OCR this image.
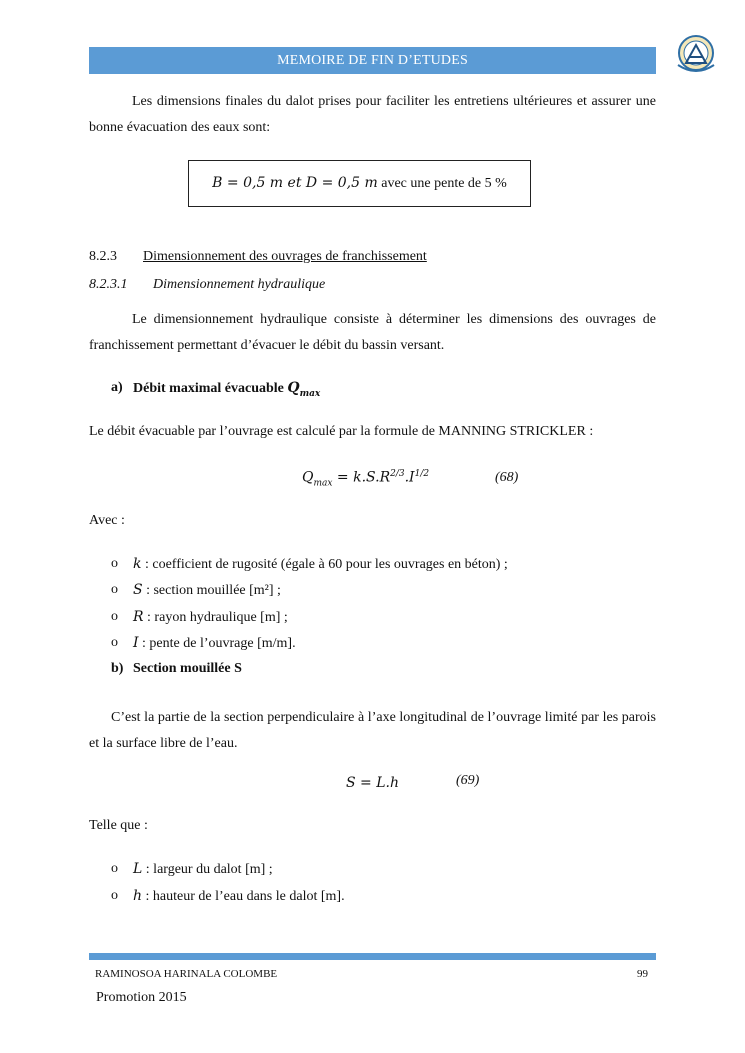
MEMOIRE DE FIN D’ETUDES
Les dimensions finales du dalot prises pour faciliter les entretiens ultérieures et assurer une bonne évacuation des eaux sont:
B = 0,5 m et D = 0,5 m avec une pente de 5 %
8.2.3 Dimensionnement des ouvrages de franchissement
8.2.3.1 Dimensionnement hydraulique
Le dimensionnement hydraulique consiste à déterminer les dimensions des ouvrages de franchissement permettant d’évacuer le débit du bassin versant.
a) Débit maximal évacuable $Q_{max}$
Le débit évacuable par l’ouvrage est calculé par la formule de MANNING STRICKLER :
$Q_{max} = k.S.R^{2/3}.I^{1/2}$	(68)
Avec :
o k : coefficient de rugosité (égale à 60 pour les ouvrages en béton) ;
o S : section mouillée [m²] ;
o R : rayon hydraulique [m] ;
o I : pente de l’ouvrage [m/m].
b) Section mouillée S
C’est la partie de la section perpendiculaire à l’axe longitudinal de l’ouvrage limité par les parois et la surface libre de l’eau.
S = L.h	(69)
Telle que :
o L : largeur du dalot [m] ;
o h : hauteur de l’eau dans le dalot [m].
RAMINOSOA HARINALA COLOMBE	99
Promotion 2015
